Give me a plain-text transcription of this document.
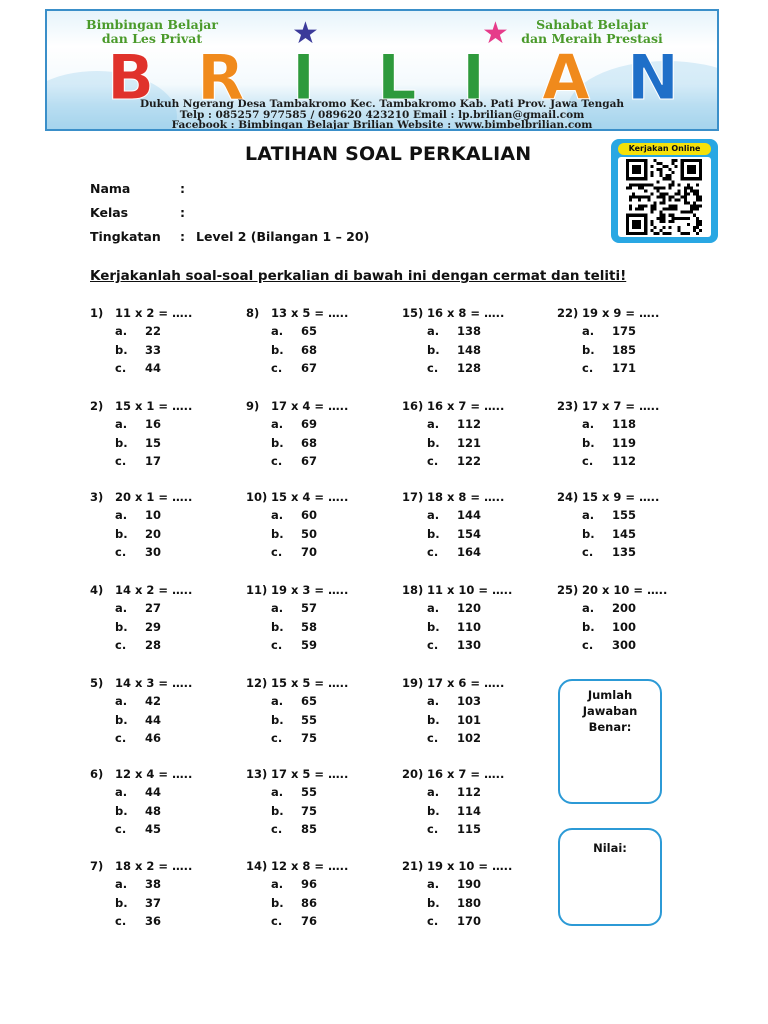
Bimbingan Belajar
dan Les Privat
Sahabat Belajar
dan Meraih Prestasi
B R I L I A N
★	★
Dukuh Ngerang Desa Tambakromo Kec. Tambakromo Kab. Pati Prov. Jawa Tengah
Telp : 085257 977585 / 089620 423210 Email : lp.brilian@gmail.com
Facebook : Bimbingan Belajar Brilian Website : www.bimbelbrilian.com
LATIHAN SOAL PERKALIAN	Kerjakan Online
Nama	:
Kelas	:
Tingkatan : Level 2 (Bilangan 1 – 20)
Kerjakanlah soal-soal perkalian di bawah ini dengan cermat dan teliti!
1) 11 x 2 = …..
a. 22
b. 33
c. 44
2) 15 x 1 = …..
a. 16
b. 15
c. 17
3) 20 x 1 = …..
a. 10
b. 20
c. 30
4) 14 x 2 = …..
a. 27
b. 29
c. 28
5) 14 x 3 = …..
a. 42
b. 44
c. 46
6) 12 x 4 = …..
a. 44
b. 48
c. 45
7) 18 x 2 = …..
a. 38
b. 37
c. 36
8) 13 x 5 = …..
a. 65
b. 68
c. 67
9) 17 x 4 = …..
a. 69
b. 68
c. 67
10) 15 x 4 = …..
a. 60
b. 50
c. 70
11) 19 x 3 = …..
a. 57
b. 58
c. 59
12) 15 x 5 = …..
a. 65
b. 55
c. 75
13) 17 x 5 = …..
a. 55
b. 75
c. 85
14) 12 x 8 = …..
a. 96
b. 86
c. 76
15) 16 x 8 = …..
a. 138
b. 148
c. 128
16) 16 x 7 = …..
a. 112
b. 121
c. 122
17) 18 x 8 = …..
a. 144
b. 154
c. 164
18) 11 x 10 = …..
a. 120
b. 110
c. 130
19) 17 x 6 = …..
a. 103
b. 101
c. 102
20) 16 x 7 = …..
a. 112
b. 114
c. 115
21) 19 x 10 = …..
a. 190
b. 180
c. 170
22) 19 x 9 = …..
a. 175
b. 185
c. 171
23) 17 x 7 = …..
a. 118
b. 119
c. 112
24) 15 x 9 = …..
a. 155
b. 145
c. 135
25) 20 x 10 = …..
a. 200
b. 100
c. 300
Jumlah
Jawaban
Benar:
Nilai:
